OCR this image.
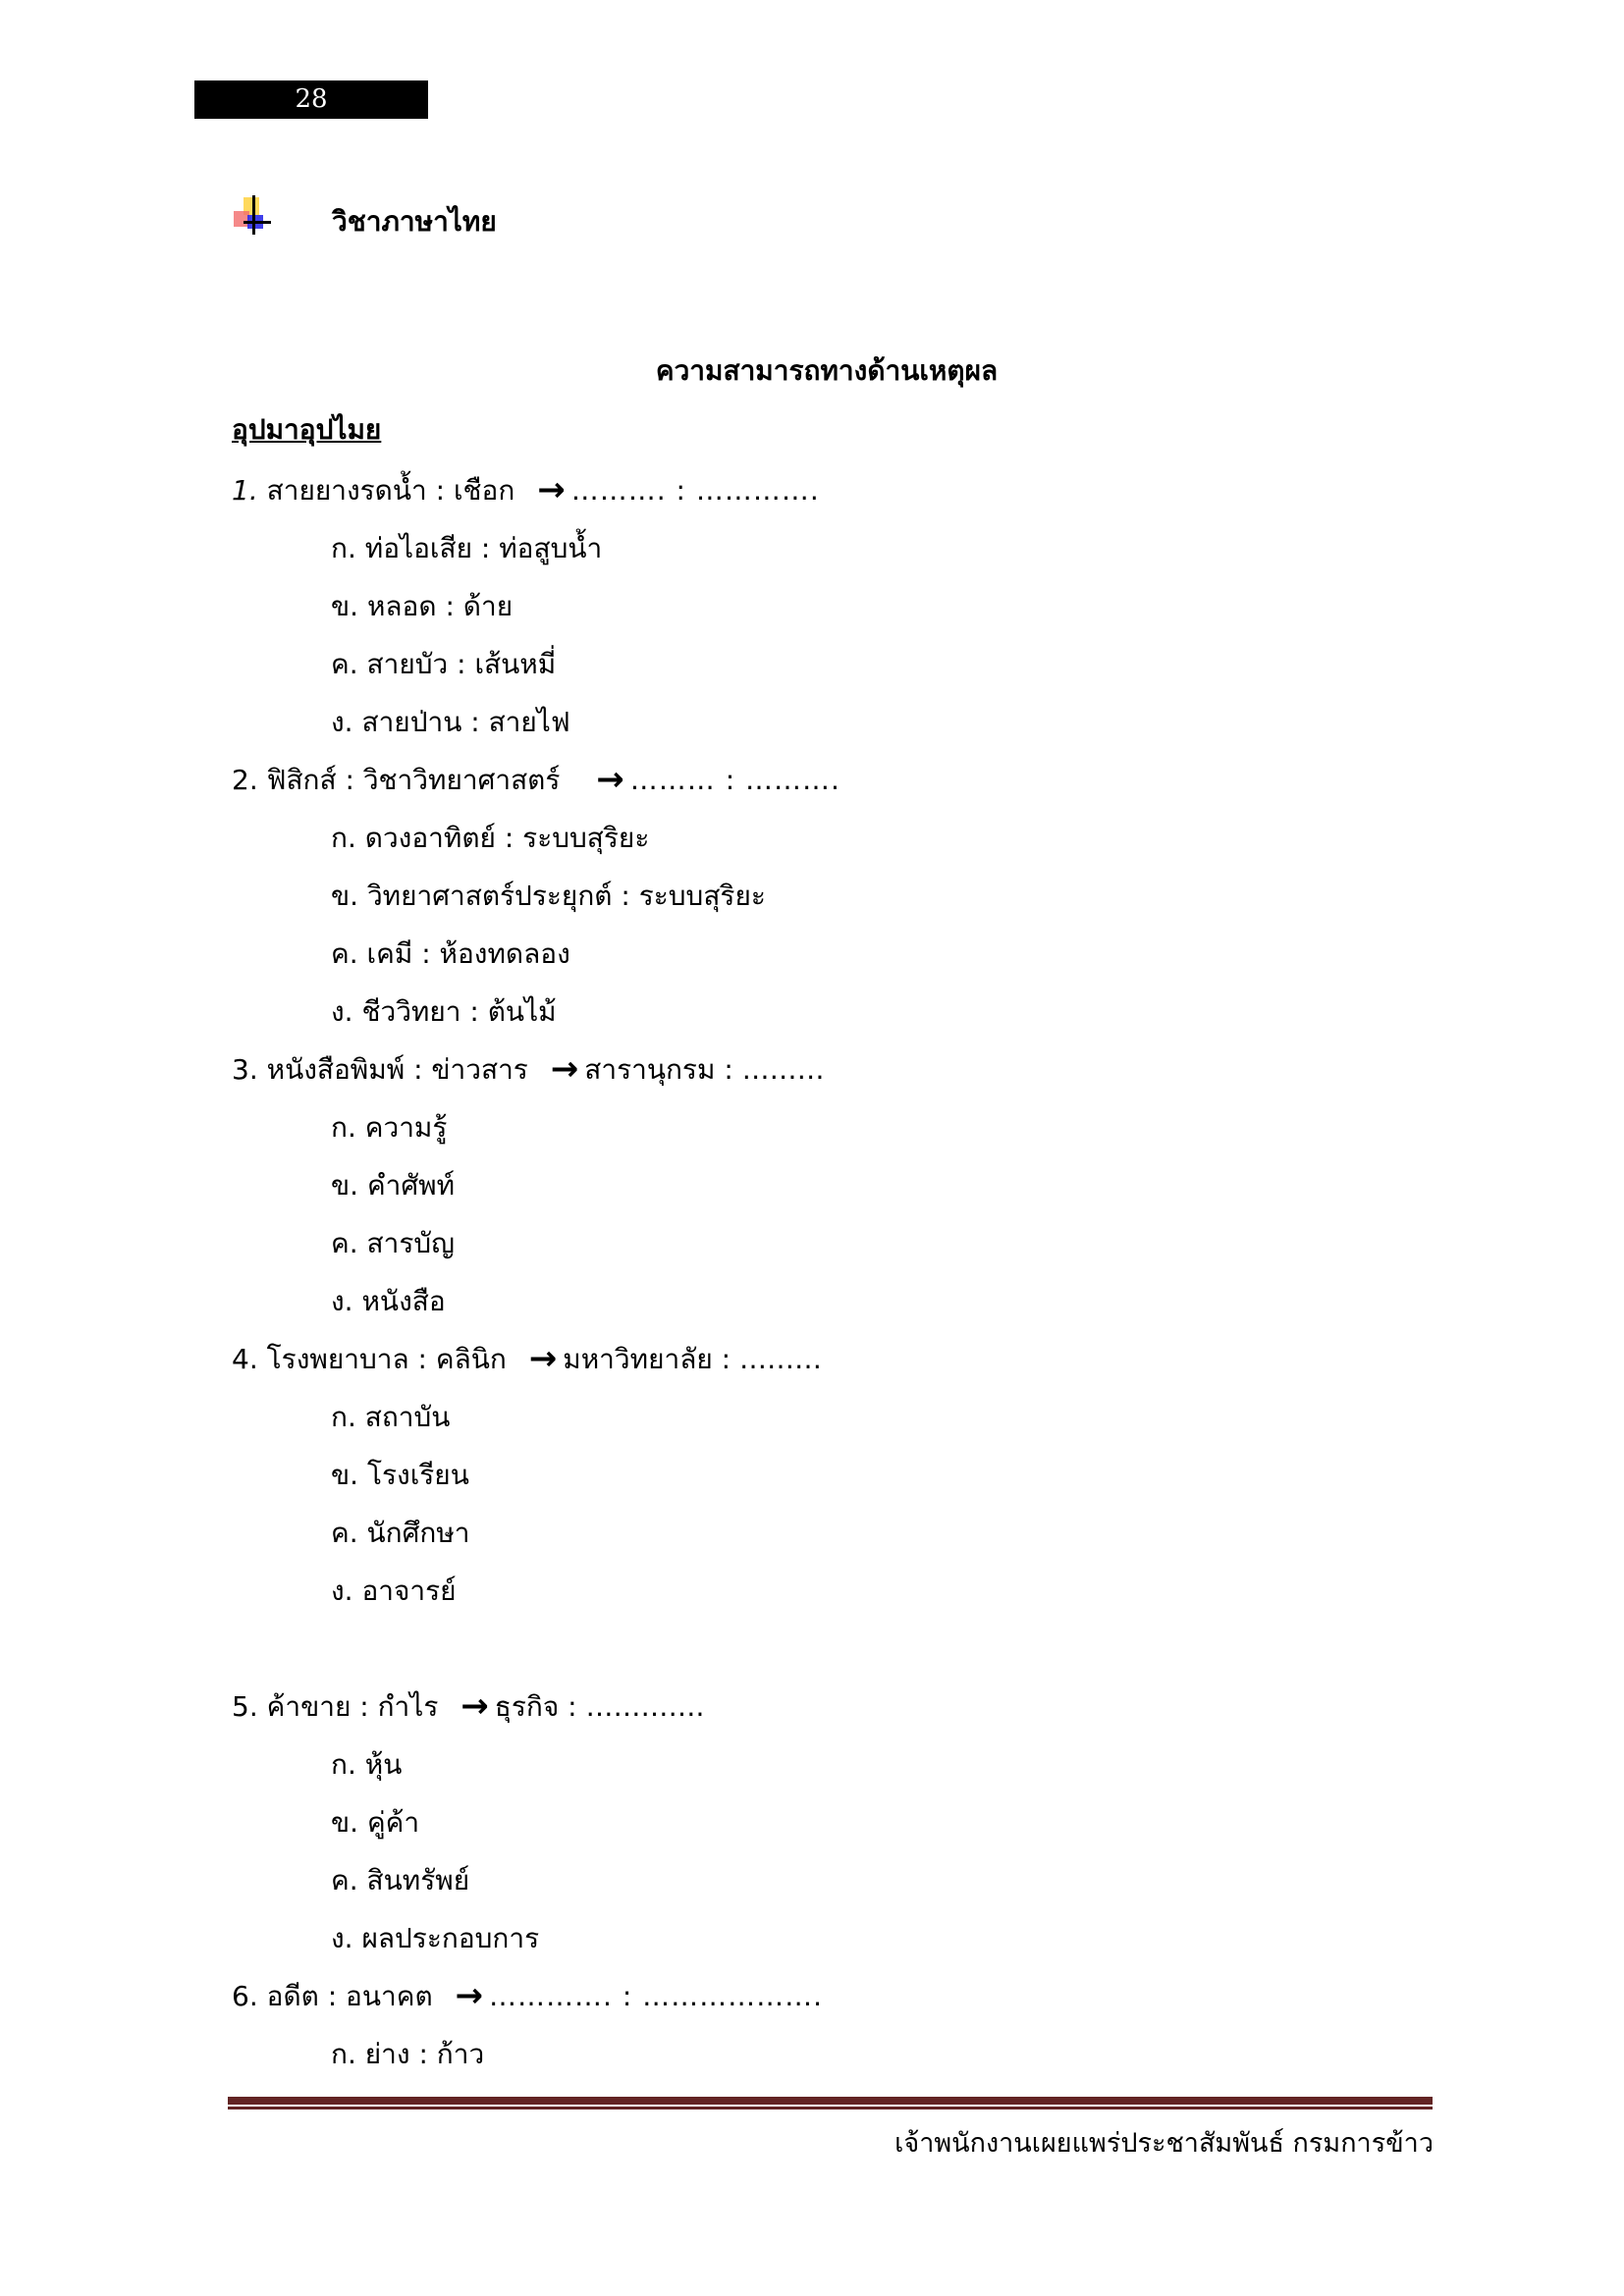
28
วิชาภาษาไทย
ความสามารถทางด้านเหตุผล
อุปมาอุปไมย
1. สายยางรดน้ำ : เชือก → ………. : ………….
ก. ท่อไอเสีย : ท่อสูบน้ำ
ข. หลอด : ด้าย
ค. สายบัว : เส้นหมี่
ง. สายป่าน : สายไฟ
2. ฟิสิกส์ : วิชาวิทยาศาสตร์ → ……… : ……….
ก. ดวงอาทิตย์ : ระบบสุริยะ
ข. วิทยาศาสตร์ประยุกต์ : ระบบสุริยะ
ค. เคมี : ห้องทดลอง
ง. ชีววิทยา : ต้นไม้
3. หนังสือพิมพ์ : ข่าวสาร → สารานุกรม : ………
ก. ความรู้
ข. คำศัพท์
ค. สารบัญ
ง. หนังสือ
4. โรงพยาบาล : คลินิก → มหาวิทยาลัย : ………
ก. สถาบัน
ข. โรงเรียน
ค. นักศึกษา
ง. อาจารย์
5. ค้าขาย : กำไร → ธุรกิจ : ………….
ก. หุ้น
ข. คู่ค้า
ค. สินทรัพย์
ง. ผลประกอบการ
6. อดีต : อนาคต → …………. : ……………….
ก. ย่าง : ก้าว
เจ้าพนักงานเผยแพร่ประชาสัมพันธ์ กรมการข้าว
